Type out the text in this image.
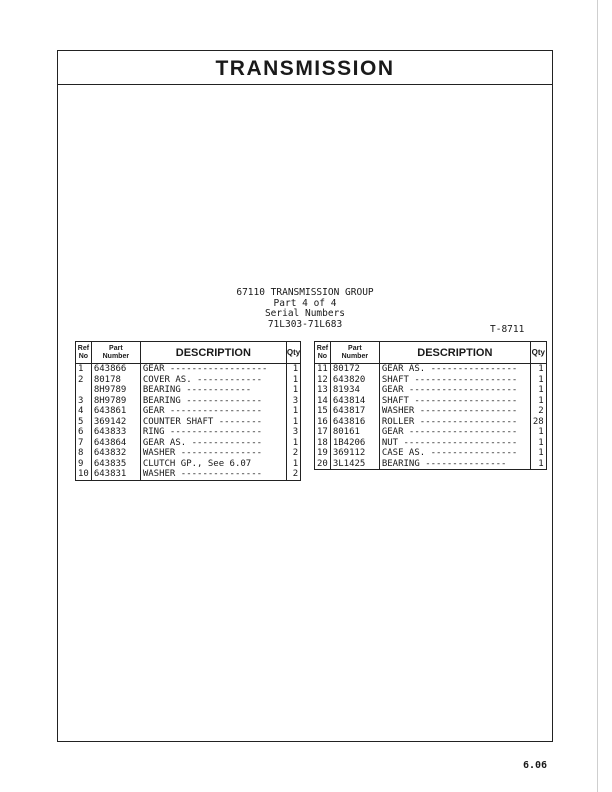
TRANSMISSION
67110 TRANSMISSION GROUP
Part 4 of 4
Serial Numbers
71L303-71L683	T-8711
Ref
No	Part
Number	DESCRIPTION	Qty
1	643866	GEAR ------------------	1
2	80178	COVER AS. ------------	1
	8H9789	BEARING ------------	1
3	8H9789	BEARING --------------	3
4	643861	GEAR -----------------	1
5	369142	COUNTER SHAFT --------	1
6	643833	RING -----------------	3
7	643864	GEAR AS. -------------	1
8	643832	WASHER ---------------	2
9	643835	CLUTCH GP., See 6.07	1
10	643831	WASHER ---------------	2
Ref
No	Part
Number	DESCRIPTION	Qty
11	80172	GEAR AS. ----------------	1
12	643820	SHAFT -------------------	1
13	81934	GEAR --------------------	1
14	643814	SHAFT -------------------	1
15	643817	WASHER ------------------	2
16	643816	ROLLER ------------------	28
17	80161	GEAR --------------------	1
18	1B4206	NUT ---------------------	1
19	369112	CASE AS. ----------------	1
20	3L1425	BEARING ---------------	1
6.06
